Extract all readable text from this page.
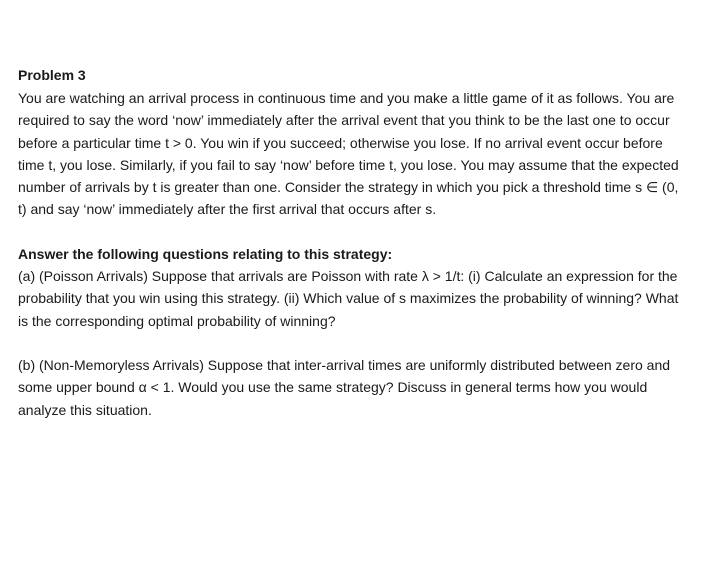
Problem 3

You are watching an arrival process in continuous time and you make a little game of it as follows. You are required to say the word ‘now’ immediately after the arrival event that you think to be the last one to occur before a particular time t > 0. You win if you succeed; otherwise you lose. If no arrival event occur before time t, you lose. Similarly, if you fail to say ‘now’ before time t, you lose. You may assume that the expected number of arrivals by t is greater than one. Consider the strategy in which you pick a threshold time s ∈ (0, t) and say ‘now’ immediately after the first arrival that occurs after s.

Answer the following questions relating to this strategy:

(a) (Poisson Arrivals) Suppose that arrivals are Poisson with rate λ > 1/t: (i) Calculate an expression for the probability that you win using this strategy. (ii) Which value of s maximizes the probability of winning? What is the corresponding optimal probability of winning?

(b) (Non-Memoryless Arrivals) Suppose that inter-arrival times are uniformly distributed between zero and some upper bound α < 1. Would you use the same strategy? Discuss in general terms how you would analyze this situation.
